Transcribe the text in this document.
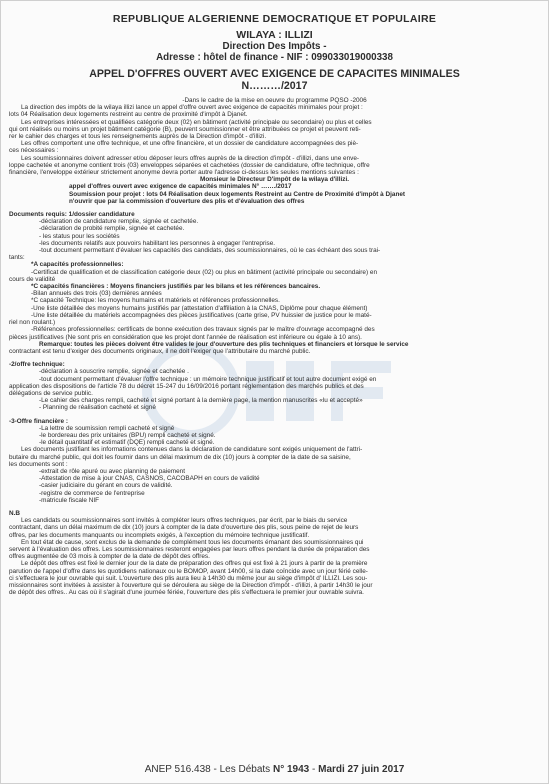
REPUBLIQUE ALGERIENNE DEMOCRATIQUE ET POPULAIRE
WILAYA : ILLIZI
Direction Des Impôts -
Adresse : hôtel de finance - NIF : 099033019000338
APPEL D'OFFRES OUVERT AVEC EXIGENCE DE CAPACITES MINIMALES
N………/2017
-Dans le cadre de la mise en oeuvre du programme PQSO -2006
La direction des impôts de la wilaya illizi lance un appel d'offre ouvert avec exigence de capacités minimales pour projet :
lots 04 Réalisation deux logements restreint au centre de proximité d'impôt à Djanet.
Les entreprises intéressées et qualifiées catégorie deux (02) en bâtiment (activité principale ou secondaire) ou plus et celles
qui ont réalisés ou moins un projet bâtiment catégorie (B), peuvent soumissionner et être attribuées ce projet et peuvent reti-
rer le cahier des charges et tous les renseignements auprès de la Direction d'impôt - d'illizi.
Les offres comportent une offre technique, et une offre financière, et un dossier de candidature accompagnées des piè-
ces nécessaires :
Les soumissionnaires doivent adresser et/ou déposer leurs offres auprès de la direction d'impôt - d'illizi, dans une enve-
loppe cachetée et anonyme contient trois (03) enveloppes séparées et cachetées (dossier de candidature, offre technique, offre
financière, l'enveloppe extérieur strictement anonyme devra porter autre l'adresse ci-dessus les seules mentions suivantes :
Monsieur le Directeur D'impôt de la wilaya d'illizi.
appel d'offres ouvert avec exigence de capacités minimales N° ……./2017
Soumission pour projet : lots 04 Réalisation deux logements Restreint au Centre de Proximité d'impôt à Djanet
n'ouvrir que par la commission d'ouverture des plis et d'évaluation des offres
Documents requis: 1/dossier candidature
-déclaration de candidature remplie, signée et cachetée.
-déclaration de probité remplie, signée et cachetée.
- les status pour les sociétés
-les documents relatifs aux pouvoirs habilitant les personnes à engager l'entreprise.
-tout document permettant d'évaluer les capacités des candidats, des soumissionnaires, où le cas échéant des sous trai-
tants:
*A capacités professionnelles:
-Certificat de qualification et de classification catégorie deux (02) ou plus en bâtiment (activité principale ou secondaire) en
cours de validité
*C capacités financières : Moyens financiers justifiés par les bilans et les références bancaires.
-Bilan annuels des trois (03) dernières années
*C capacité Technique: les moyens humains et matériels et références professionnelles.
-Une liste détaillée des moyens humains justifiés par (attestation d'affiliation à la CNAS, Diplôme pour chaque élément)
-Une liste détaillée du matériels accompagnées des pièces justificatives (carte grise, PV huissier de justice pour le maté-
riel non roulant.)
-Références professionnelles: certificats de bonne exécution des travaux signés par le maître d'ouvrage accompagné des
pièces justificatives (Ne sont pris en considération que les projet dont l'année de réalisation est inférieure ou égale à 10 ans).
Remarque: toutes les pièces doivent être valides le jour d'ouverture des plis techniques et financiers et lorsque le service
contractant est tenu d'exiger des documents originaux, il ne doit l'exiger que l'attributaire du marché public.
-2/offre technique:
-déclaration à souscrire remplie, signée et cachetée .
-tout document permettant d'évaluer l'offre technique : un mémoire technique justificatif et tout autre document exigé en
application des dispositions de l'article 78 du décret 15-247 du 16/09/2016 portant réglementation des marchés publics et des
délégations de service public.
-Le cahier des charges rempli, cacheté et signé portant à la dernière page, la mention manuscrites «lu et accepté»
- Planning de réalisation cacheté et signé
-3-Offre financière :
-La lettre de soumission rempli cacheté et signé
-le bordereau des prix unitaires (BPU) rempli cacheté et signé.
-le détail quantitatif et estimatif (DQE) rempli cacheté et signé.
Les documents justifiant les informations contenues dans la déclaration de candidature sont exigés uniquement de l'attri-
butaire du marché public, qui doit les fournir dans un délai maximum de dix (10) jours à compter de la date de sa saisine,
les documents sont :
-extrait de rôle apuré ou avec planning de paiement
-Attestation de mise à jour CNAS, CASNOS, CACOBAPH en cours de validité
-casier judiciaire du gérant en cours de validité.
-registre de commerce de l'entreprise
-matricule fiscale NIF
N.B
Les candidats ou soumissionnaires sont invités à compléter leurs offres techniques, par écrit, par le biais du service
contractant, dans un délai maximum de dix (10) jours à compter de la date d'ouverture des plis, sous peine de rejet de leurs
offres, par les documents manquants ou incomplets exigés, à l'exception du mémoire technique justificatif.
En tout état de cause, sont exclus de la demande de complément tous les documents émanant des soumissionnaires qui
servent à l'évaluation des offres. Les soumissionnaires resteront engagées par leurs offres pendant la durée de préparation des
offres augmentée de 03 mois à compter de la date de dépôt des offres.
Le dépôt des offres est fixé le dernier jour de la date de préparation des offres qui est fixé à 21 jours à partir de la première
parution de l'appel d'offre dans les quotidiens nationaux ou le BOMOP, avant 14h00, si la date coïncide avec un jour férié celle-
ci s'effectuera le jour ouvrable qui suit. L'ouverture des plis aura lieu à 14h30 du même jour au siège d'impôt d' ILLIZI. Les sou-
missionnaires sont invitées à assister à l'ouverture qui se déroulera au siège de la Direction d'impôt - d'illizi, à partir 14h30 le jour
de dépôt des offres.. Au cas où il s'agirait d'une journée fériée, l'ouverture des plis s'effectuera le premier jour ouvrable suivra.
ANEP 516.438 - Les Débats N° 1943 - Mardi 27 juin 2017
